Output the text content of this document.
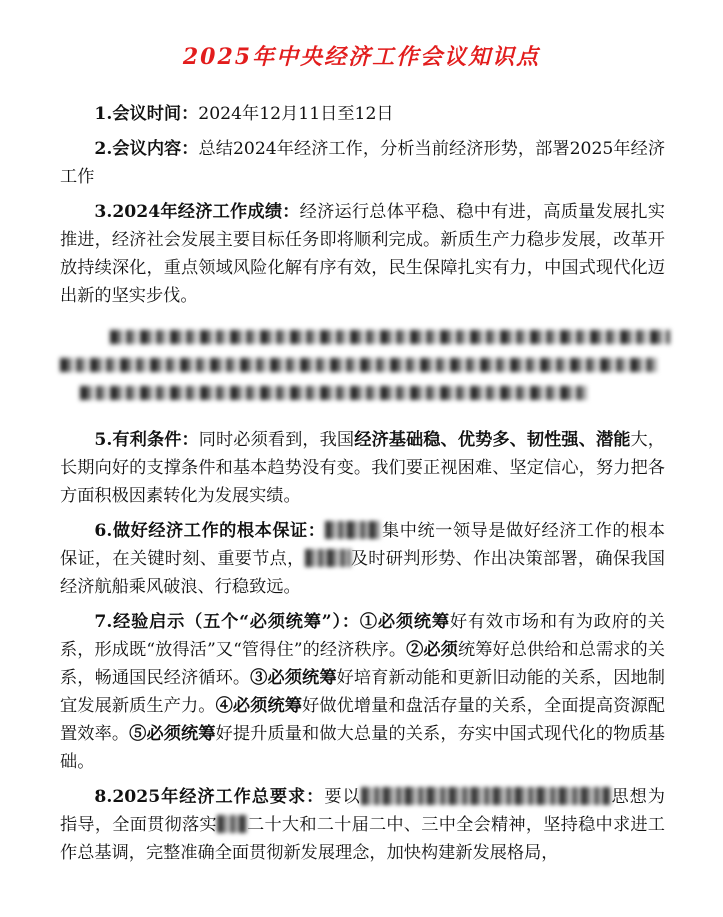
2025年中央经济工作会议知识点

1.会议时间：2024年12月11日至12日

2.会议内容：总结2024年经济工作，分析当前经济形势，部署2025年经济工作

3.2024年经济工作成绩：经济运行总体平稳、稳中有进，高质量发展扎实推进，经济社会发展主要目标任务即将顺利完成。新质生产力稳步发展，改革开放持续深化，重点领域风险化解有序有效，民生保障扎实有力，中国式现代化迈出新的坚实步伐。

5.有利条件：同时必须看到，我国经济基础稳、优势多、韧性强、潜能大，长期向好的支撑条件和基本趋势没有变。我们要正视困难、坚定信心，努力把各方面积极因素转化为发展实绩。

6.做好经济工作的根本保证：	集中统一领导是做好经济工作的根本保证，在关键时刻、重要节点，	及时研判形势、作出决策部署，确保我国经济航船乘风破浪、行稳致远。

7.经验启示（五个“必须统筹”）：①必须统筹好有效市场和有为政府的关系，形成既“放得活”又“管得住”的经济秩序。②必须统筹好总供给和总需求的关系，畅通国民经济循环。③必须统筹好培育新动能和更新旧动能的关系，因地制宜发展新质生产力。④必须统筹好做优增量和盘活存量的关系，全面提高资源配置效率。⑤必须统筹好提升质量和做大总量的关系，夯实中国式现代化的物质基础。

8.2025年经济工作总要求：要以	思想为指导，全面贯彻落实 二十大和二十届二中、三中全会精神，坚持稳中求进工作总基调，完整准确全面贯彻新发展理念，加快构建新发展格局，
